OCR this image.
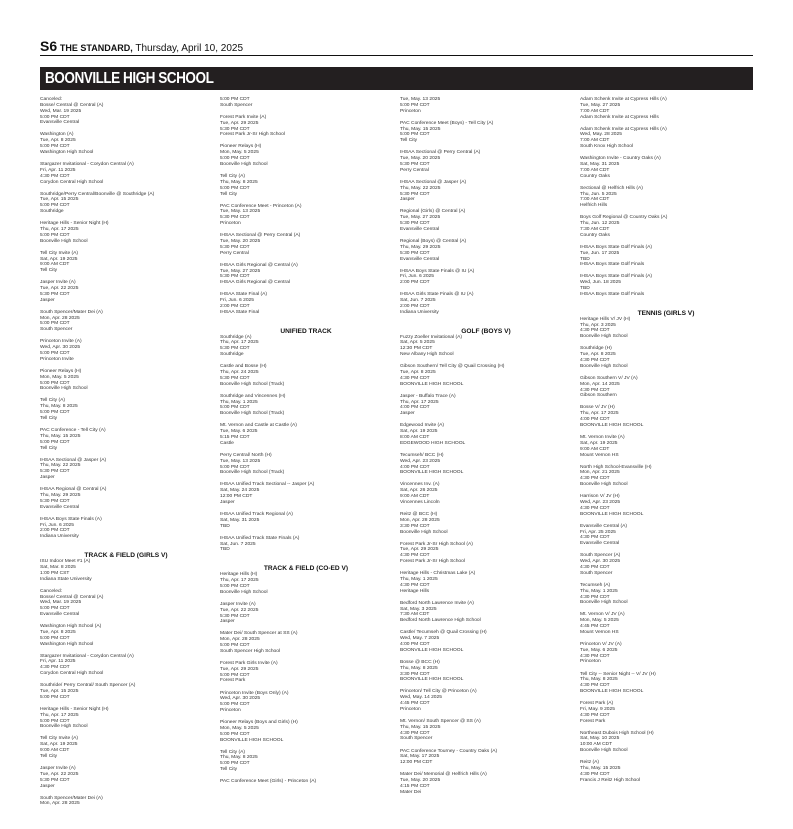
S6 THE STANDARD, Thursday, April 10, 2025
BOONVILLE HIGH SCHOOL
Canceled:
Bosse/ Central @ Central (A)
Wed, Mar. 19 2025
5:00 PM CDT
Evansville Central
Washington (A)
Tue, Apr. 8 2025
5:00 PM CDT
Washington High School
Stargazer Invitational - Corydon Central (A)
Fri, Apr. 11 2025
4:30 PM CDT
Corydon Central High School
Southridge/Perry Central/Boonville @ Southridge (A)
Tue, Apr. 15 2025
5:00 PM CDT
Southridge
Heritage Hills - Senior Night (H)
Thu, Apr. 17 2025
5:00 PM CDT
Boonville High School
Tell City Invite (A)
Sat, Apr. 19 2025
9:00 AM CDT
Tell City
Jasper Invite (A)
Tue, Apr. 22 2025
5:30 PM CDT
Jasper
South Spencer/Mater Dei (A)
Mon, Apr. 28 2025
5:00 PM CDT
South Spencer
Princeton Invite (A)
Wed, Apr. 30 2025
5:00 PM CDT
Princeton Invite
Pioneer Relays (H)
Mon, May. 5 2025
5:00 PM CDT
Boonville High School
Tell City (A)
Thu, May. 8 2025
5:00 PM CDT
Tell City
PAC Conference - Tell City (A)
Thu, May. 15 2025
5:00 PM CDT
Tell City
IHSAA Sectional @ Jasper (A)
Thu, May. 22 2025
5:30 PM CDT
Jasper
IHSAA Regional @ Central (A)
Thu, May. 29 2025
5:30 PM CDT
Evansville Central
IHSAA Boys State Finals (A)
Fri, Jun. 6 2025
2:00 PM CDT
Indiana University
TRACK & FIELD (GIRLS V)
ISU Indoor Meet #1 (A)
Sat, Mar. 8 2025
1:00 PM CST
Indiana State University
Canceled:
Bosse/ Central @ Central (A)
Wed, Mar. 19 2025
5:00 PM CDT
Evansville Central
Washington High School (A)
Tue, Apr. 8 2025
5:00 PM CDT
Washington High School
Stargazer Invitational - Corydon Central (A)
Fri, Apr. 11 2025
4:30 PM CDT
Corydon Central High School
Southride/ Perry Central/ South Spencer (A)
Tue, Apr. 15 2025
5:00 PM CDT
Heritage Hills - Senior Night (H)
Thu, Apr. 17 2025
5:00 PM CDT
Boonville High School
Tell City Invite (A)
Sat, Apr. 19 2025
9:00 AM CDT
Tell City
Jasper Invite (A)
Tue, Apr. 22 2025
5:30 PM CDT
Jasper
South Spencer/Mater Dei (A)
Mon, Apr. 28 2025
5:00 PM CDT
South Spencer
Forest Park Invite (A)
Tue, Apr. 29 2025
5:30 PM CDT
Forest Park Jr-Sr High School
Pioneer Relays (H)
Mon, May. 5 2025
5:00 PM CDT
Boonville High School
Tell City (A)
Thu, May. 8 2025
5:00 PM CDT
Tell City
PAC Conference Meet - Princeton (A)
Tue, May. 13 2025
5:30 PM CDT
Princeton
IHSAA Sectional @ Perry Central (A)
Tue, May. 20 2025
5:30 PM CDT
Perry Central
IHSAA Girls Regional @ Central (A)
Tue, May. 27 2025
5:30 PM CDT
IHSAA Girls Regional @ Central
IHSAA State Final (A)
Fri, Jun. 6 2025
2:00 PM CDT
IHSAA State Final
UNIFIED TRACK
Southridge (A)
Thu, Apr. 17 2025
5:30 PM CDT
Southridge
Castle and Bosse (H)
Thu, Apr. 24 2025
5:30 PM CDT
Boonville High School (Track)
Southridge and Vincennes (H)
Thu, May. 1 2025
5:00 PM CDT
Boonville High School (Track)
Mt. Vernon and Castle at Castle (A)
Tue, May. 6 2025
5:15 PM CDT
Castle
Perry Central/ North (H)
Tue, May. 13 2025
5:00 PM CDT
Boonville High School (Track)
IHSAA Unified Track Sectional -- Jasper (A)
Sat, May. 24 2025
12:00 PM CDT
Jasper
IHSAA Unified Track Regional (A)
Sat, May. 31 2025
TBD
IHSAA Unified Track State Finals (A)
Sat, Jun. 7 2025
TBD
TRACK & FIELD (CO-ED V)
Heritage Hills (H)
Thu, Apr. 17 2025
5:00 PM CDT
Boonville High School
Jasper Invite (A)
Tue, Apr. 22 2025
5:30 PM CDT
Jasper
Mater Dei/ South Spencer at SS (A)
Mon, Apr. 28 2025
5:00 PM CDT
South Spencer High School
Forest Park Girls Invite (A)
Tue, Apr. 29 2025
5:00 PM CDT
Forest Park
Princeton Invite (Boys Only) (A)
Wed, Apr. 30 2025
5:00 PM CDT
Princeton
Pioneer Relays (Boys and Girls) (H)
Mon, May. 5 2025
5:00 PM CDT
BOONVILLE HIGH SCHOOL
Tell City (A)
Thu, May. 8 2025
5:00 PM CDT
Tell City
PAC Conference Meet (Girls) - Princeton (A)
Tue, May. 13 2025
5:00 PM CDT
Princeton
PAC Conference Meet (Boys) - Tell City (A)
Thu, May. 15 2025
5:00 PM CDT
Tell City
IHSAA Sectional @ Perry Central (A)
Tue, May. 20 2025
5:30 PM CDT
Perry Central
IHSAA Sectional @ Jasper (A)
Thu, May. 22 2025
5:30 PM CDT
Jasper
Regional (Girls) @ Central (A)
Tue, May. 27 2025
5:30 PM CDT
Evansville Central
Regional (Boys) @ Central (A)
Thu, May. 29 2025
5:30 PM CDT
Evansville Central
IHSAA Boys State Finals @ IU (A)
Fri, Jun. 6 2025
2:00 PM CDT
IHSAA Girls State Finals @ IU (A)
Sat, Jun. 7 2025
2:00 PM CDT
Indiana University
GOLF (BOYS V)
Fuzzy Zoeller Invitational (A)
Sat, Apr. 5 2025
12:30 PM CDT
New Albany High School
Gibson Southern/ Tell City @ Quail Crossing (H)
Tue, Apr. 8 2025
4:30 PM CDT
BOONVILLE HIGH SCHOOL
Jasper - Buffalo Trace (A)
Thu, Apr. 17 2025
4:00 PM CDT
Jasper
Edgewood Invite (A)
Sat, Apr. 19 2025
8:00 AM CDT
EDGEWOOD HIGH SCHOOL
Tecumseh/ BCC (H)
Wed, Apr. 23 2025
4:00 PM CDT
BOONVILLE HIGH SCHOOL
Vincennes Inv. (A)
Sat, Apr. 26 2025
9:00 AM CDT
Vincennes Lincoln
Reitz @ BCC (H)
Mon, Apr. 28 2025
3:30 PM CDT
Boonville High School
Forest Park Jr-Sr High School (A)
Tue, Apr. 29 2025
4:30 PM CDT
Forest Park Jr-Sr High School
Heritage Hills - Christmas Lake (A)
Thu, May. 1 2025
4:30 PM CDT
Heritage Hills
Bedford North Lawrence Invite (A)
Sat, May. 3 2025
7:30 AM CDT
Bedford North Lawrence High School
Castle/ Tecumseh @ Quail Crossing (H)
Wed, May. 7 2025
4:00 PM CDT
BOONVILLE HIGH SCHOOL
Bosse @ BCC (H)
Thu, May. 8 2025
3:30 PM CDT
BOONVILLE HIGH SCHOOL
Princeton/ Tell City @ Princeton (A)
Wed, May. 14 2025
4:45 PM CDT
Princeton
Mt. Vernon/ South Spencer @ SS (A)
Thu, May. 15 2025
4:30 PM CDT
South Spencer
PAC Conference Tourney - Country Oaks (A)
Sat, May. 17 2025
12:00 PM CDT
Mater Dei/ Memorial @ Helfrich Hills (A)
Tue, May. 20 2025
4:15 PM CDT
Mater Dei
Adam Schenk Invite at Cypress Hills (A)
Tue, May. 27 2025
7:00 AM CDT
Adam Schenk Invite at Cypress Hills
Adam Schenk Invite at Cypress Hills (A)
Wed, May. 28 2025
7:00 AM CDT
South Knox High School
Washington Invite - Country Oaks (A)
Sat, May. 31 2025
7:00 AM CDT
Country Oaks
Sectional @ Helfrich Hills (A)
Thu, Jun. 5 2025
7:00 AM CDT
Helfrich Hills
Boys Golf Regional @ Country Oaks (A)
Thu, Jun. 12 2025
7:30 AM CDT
Country Oaks
IHSAA Boys State Golf Finals (A)
Tue, Jun. 17 2025
TBD
IHSAA Boys State Golf Finals
IHSAA Boys State Golf Finals (A)
Wed, Jun. 18 2025
TBD
IHSAA Boys State Golf Finals
TENNIS (GIRLS V)
Heritage Hills V/ JV (H)
Thu, Apr. 3 2025
4:30 PM CDT
Boonville High School
Southridge (H)
Tue, Apr. 8 2025
4:30 PM CDT
Boonville High School
Gibson Southern V/ JV (A)
Mon, Apr. 14 2025
4:30 PM CDT
Gibson Southern
Bosse V/ JV (H)
Thu, Apr. 17 2025
4:00 PM CDT
BOONVILLE HIGH SCHOOL
Mt. Vernon Invite (A)
Sat, Apr. 19 2025
9:00 AM CDT
Mount Vernon HS
North High School-Evansville (H)
Mon, Apr. 21 2025
4:30 PM CDT
Boonville High School
Harrison V/ JV (H)
Wed, Apr. 23 2025
4:30 PM CDT
BOONVILLE HIGH SCHOOL
Evansville Central (A)
Fri, Apr. 25 2025
4:30 PM CDT
Evansville Central
South Spencer (A)
Wed, Apr. 30 2025
4:30 PM CDT
South Spencer
Tecumseh (A)
Thu, May. 1 2025
4:30 PM CDT
Boonville High School
Mt. Vernon V/ JV (A)
Mon, May. 5 2025
4:45 PM CDT
Mount Vernon HS
Princeton V/ JV (A)
Tue, May. 6 2025
4:30 PM CDT
Princeton
Tell City -- Senior Night -- V/ JV (H)
Thu, May. 8 2025
4:30 PM CDT
BOONVILLE HIGH SCHOOL
Forest Park (A)
Fri, May. 9 2025
4:30 PM CDT
Forest Park
Northeast Dubois High School (H)
Sat, May. 10 2025
10:00 AM CDT
Boonville High School
Reitz (A)
Thu, May. 15 2025
4:30 PM CDT
Francis J Reitz High School
